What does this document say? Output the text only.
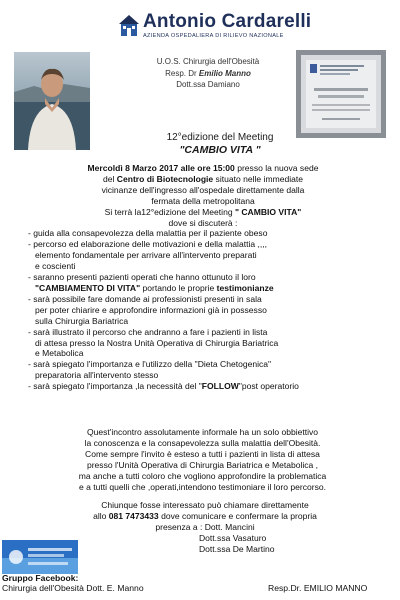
Antonio Cardarelli
AZIENDA OSPEDALIERA DI RILIEVO NAZIONALE
U.O.S. Chirurgia dell'Obesità
Resp. Dr Emilio Manno
Dott.ssa Damiano
12°edizione del Meeting
"CAMBIO VITA "
Mercoldì 8 Marzo 2017 alle ore 15:00 presso la nuova sede
del Centro di Biotecnologie situato nelle immediate
vicinanze dell'ingresso all'ospedale direttamente dalla
fermata della metropolitana
Si terrà la12°edizione del Meeting " CAMBIO VITA"
dove si discuterà :
- guida alla consapevolezza della malattia per il paziente obeso
- percorso ed elaborazione delle motivazioni e della malattia ,,,,
elemento fondamentale per arrivare all'intervento preparati
e coscienti
- saranno presenti pazienti operati che hanno ottunuto il loro
"CAMBIAMENTO DI VITA" portando le proprie testimonianze
- sarà possibile fare domande ai professionisti presenti in sala
per poter chiarire e approfondire informazioni già in possesso
sulla Chirurgia Bariatrica
- sarà illustrato il percorso che andranno a fare i pazienti in lista
di attesa presso la Nostra Unità Operativa di Chirurgia Bariatrica
e Metabolica
- sarà spiegato l'importanza e l'utilizzo della "Dieta Chetogenica"
preparatoria all'intervento stesso
- sarà spiegato l'importanza ,la necessità del "FOLLOW"post operatorio
Quest'incontro assolutamente informale ha un solo obbiettivo
la conoscenza e la consapevolezza sulla malattia dell'Obesità.
Come sempre l'invito è esteso a tutti i pazienti in lista di attesa
presso l'Unità Operativa di Chirurgia Bariatrica e Metabolica ,
ma anche a tutti coloro che vogliono approfondire la problematica
e a tutti quelli che ,operati,intendono testimoniare il loro percorso.
Chiunque fosse interessato può chiamare direttamente
allo 081 7473433 dove comunicare e confermare la propria
presenza a : Dott. Mancini
Dott.ssa Vasaturo
Dott.ssa De Martino
Gruppo Facebook:
Chirurgia dell'Obesità Dott. E. Manno	Resp.Dr. EMILIO MANNO
